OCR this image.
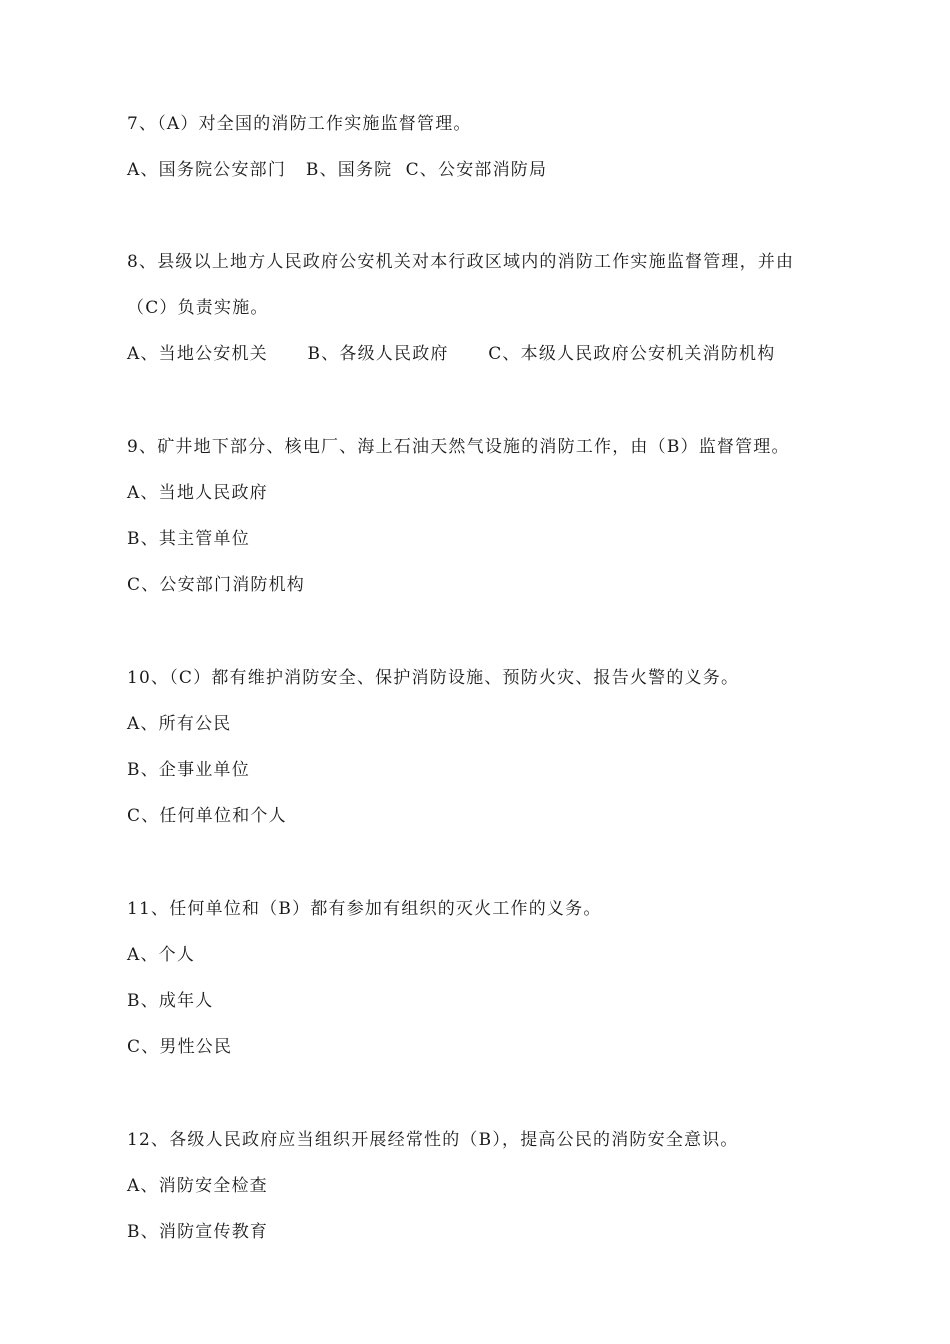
7、（A）对全国的消防工作实施监督管理。
A、国务院公安部门   B、国务院  C、公安部消防局
8、县级以上地方人民政府公安机关对本行政区域内的消防工作实施监督管理，并由
（C）负责实施。
A、当地公安机关      B、各级人民政府      C、本级人民政府公安机关消防机构
9、矿井地下部分、核电厂、海上石油天然气设施的消防工作，由（B）监督管理。
A、当地人民政府
B、其主管单位
C、公安部门消防机构
10、（C）都有维护消防安全、保护消防设施、预防火灾、报告火警的义务。
A、所有公民
B、企事业单位
C、任何单位和个人
11、任何单位和（B）都有参加有组织的灭火工作的义务。
A、个人
B、成年人
C、男性公民
12、各级人民政府应当组织开展经常性的（B），提高公民的消防安全意识。
A、消防安全检查
B、消防宣传教育
